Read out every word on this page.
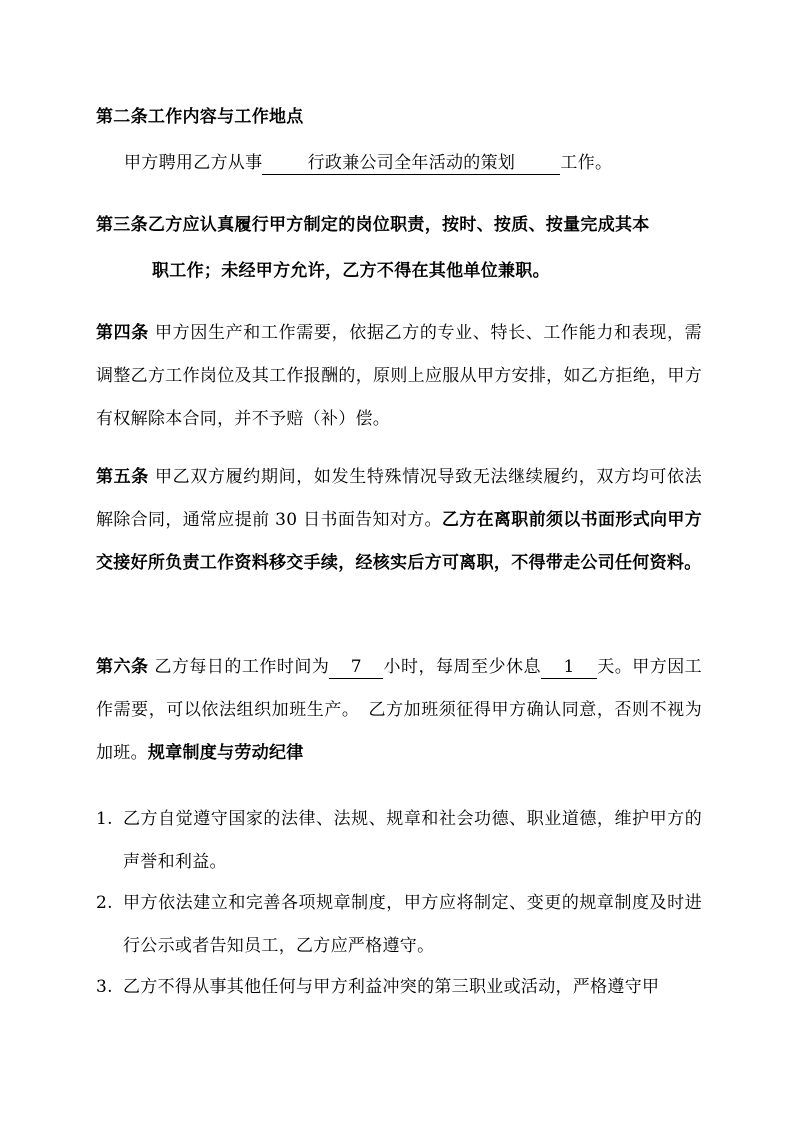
第二条工作内容与工作地点

甲方聘用乙方从事	行政兼公司全年活动的策划	工作。

第三条乙方应认真履行甲方制定的岗位职责，按时、按质、按量完成其本

职工作；未经甲方允许，乙方不得在其他单位兼职。

第四条 甲方因生产和工作需要，依据乙方的专业、特长、工作能力和表现，需调整乙方工作岗位及其工作报酬的，原则上应服从甲方安排，如乙方拒绝，甲方有权解除本合同，并不予赔（补）偿。

第五条 甲乙双方履约期间，如发生特殊情况导致无法继续履约，双方均可依法解除合同，通常应提前 30 日书面告知对方。乙方在离职前须以书面形式向甲方交接好所负责工作资料移交手续，经核实后方可离职，不得带走公司任何资料。

第六条 乙方每日的工作时间为 7 小时，每周至少休息 1 天。甲方因工作需要，可以依法组织加班生产。　乙方加班须征得甲方确认同意，否则不视为加班。规章制度与劳动纪律

1. 乙方自觉遵守国家的法律、法规、规章和社会功德、职业道德，维护甲方的声誉和利益。
2. 甲方依法建立和完善各项规章制度，甲方应将制定、变更的规章制度及时进行公示或者告知员工，乙方应严格遵守。
3. 乙方不得从事其他任何与甲方利益冲突的第三职业或活动，严格遵守甲
